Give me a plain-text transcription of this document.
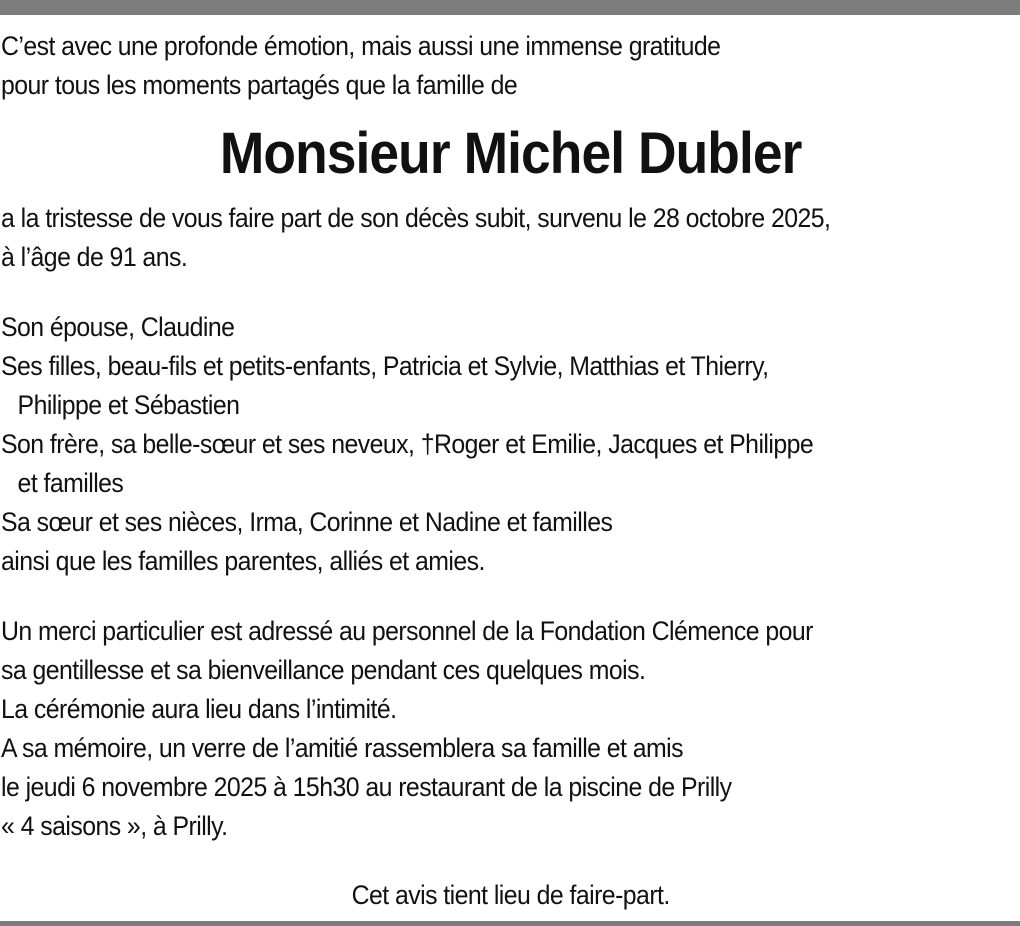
C’est avec une profonde émotion, mais aussi une immense gratitude
pour tous les moments partagés que la famille de
Monsieur Michel Dubler
a la tristesse de vous faire part de son décès subit, survenu le 28 octobre 2025,
à l’âge de 91 ans.
Son épouse, Claudine
Ses filles, beau-fils et petits-enfants, Patricia et Sylvie, Matthias et Thierry,
Philippe et Sébastien
Son frère, sa belle-sœur et ses neveux, †Roger et Emilie, Jacques et Philippe
et familles
Sa sœur et ses nièces, Irma, Corinne et Nadine et familles
ainsi que les familles parentes, alliés et amies.
Un merci particulier est adressé au personnel de la Fondation Clémence pour
sa gentillesse et sa bienveillance pendant ces quelques mois.
La cérémonie aura lieu dans l’intimité.
A sa mémoire, un verre de l’amitié rassemblera sa famille et amis
le jeudi 6 novembre 2025 à 15h30 au restaurant de la piscine de Prilly
« 4 saisons », à Prilly.
Cet avis tient lieu de faire-part.
